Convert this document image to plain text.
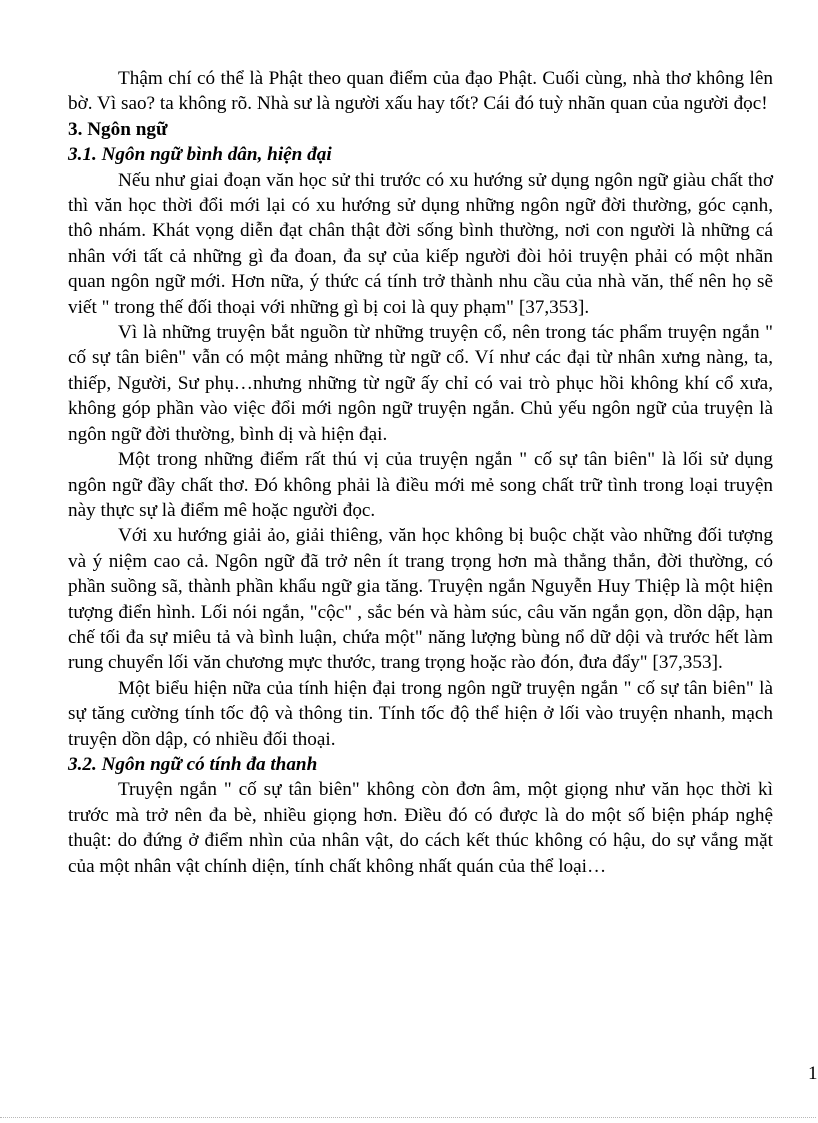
Thậm chí có thể là Phật theo quan điểm của đạo Phật. Cuối cùng, nhà thơ không lên bờ. Vì sao? ta không rõ. Nhà sư là người xấu hay tốt? Cái đó tuỳ nhãn quan của người đọc!

3. Ngôn ngữ

3.1. Ngôn ngữ bình dân, hiện đại

Nếu như giai đoạn văn học sử thi trước có xu hướng sử dụng ngôn ngữ giàu chất thơ thì văn học thời đổi mới lại có xu hướng sử dụng những ngôn ngữ đời thường, góc cạnh, thô nhám. Khát vọng diễn đạt chân thật đời sống bình thường, nơi con người là những cá nhân với tất cả những gì đa đoan, đa sự của kiếp người đòi hỏi truyện phải có một nhãn quan ngôn ngữ mới. Hơn nữa, ý thức cá tính trở thành nhu cầu của nhà văn, thế nên họ sẽ viết " trong thế đối thoại với những gì bị coi là quy phạm" [37,353].

Vì là những truyện bắt nguồn từ những truyện cổ, nên trong tác phẩm truyện ngắn " cố sự tân biên" vẫn có một mảng những từ ngữ cổ. Ví như các đại từ nhân xưng nàng, ta, thiếp, Người, Sư phụ…nhưng những từ ngữ ấy chỉ có vai trò phục hồi không khí cổ xưa, không góp phần vào việc đổi mới ngôn ngữ truyện ngắn. Chủ yếu ngôn ngữ của truyện là ngôn ngữ đời thường, bình dị và hiện đại.

Một trong những điểm rất thú vị của truyện ngắn " cố sự tân biên" là lối sử dụng ngôn ngữ đầy chất thơ. Đó không phải là điều mới mẻ song chất trữ tình trong loại truyện này thực sự là điểm mê hoặc người đọc.

Với xu hướng giải ảo, giải thiêng, văn học không bị buộc chặt vào những đối tượng và ý niệm cao cả. Ngôn ngữ đã trở nên ít trang trọng hơn mà thẳng thắn, đời thường, có phần suồng sã, thành phần khẩu ngữ gia tăng. Truyện ngắn Nguyễn Huy Thiệp là một hiện tượng điển hình. Lối nói ngắn, "cộc" , sắc bén và hàm súc, câu văn ngắn gọn, dồn dập, hạn chế tối đa sự miêu tả và bình luận, chứa một" năng lượng bùng nổ dữ dội và trước hết làm rung chuyển lối văn chương mực thước, trang trọng hoặc rào đón, đưa đẩy" [37,353].

Một biểu hiện nữa của tính hiện đại trong ngôn ngữ truyện ngắn " cố sự tân biên" là sự tăng cường tính tốc độ và thông tin. Tính tốc độ thể hiện ở lối vào truyện nhanh, mạch truyện dồn dập, có nhiều đối thoại.

3.2. Ngôn ngữ có tính đa thanh

Truyện ngắn " cố sự tân biên" không còn đơn âm, một giọng như văn học thời kì trước mà trở nên đa bè, nhiều giọng hơn. Điều đó có được là do một số biện pháp nghệ thuật: do đứng ở điểm nhìn của nhân vật, do cách kết thúc không có hậu, do sự vắng mặt của một nhân vật chính diện, tính chất không nhất quán của thể loại…

1
